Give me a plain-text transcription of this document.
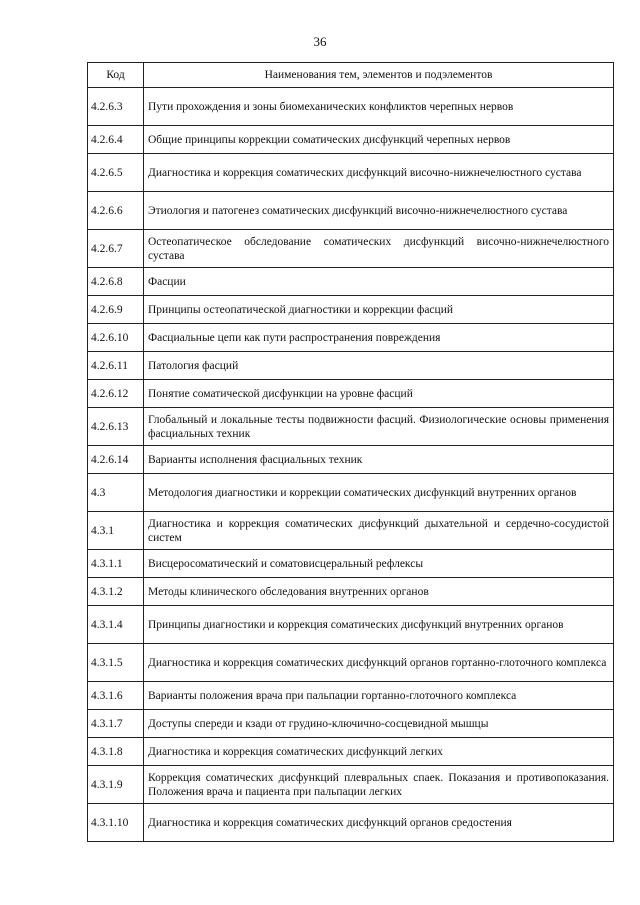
36
Код	Наименования тем, элементов и подэлементов
4.2.6.3	Пути прохождения и зоны биомеханических конфликтов черепных нервов
4.2.6.4	Общие принципы коррекции соматических дисфункций черепных нервов
4.2.6.5	Диагностика и коррекция соматических дисфункций височно-нижнечелюстного сустава
4.2.6.6	Этиология и патогенез соматических дисфункций височно-нижнечелюстного сустава
4.2.6.7	Остеопатическое обследование соматических дисфункций височно-нижнечелюстного сустава
4.2.6.8	Фасции
4.2.6.9	Принципы остеопатической диагностики и коррекции фасций
4.2.6.10	Фасциальные цепи как пути распространения повреждения
4.2.6.11	Патология фасций
4.2.6.12	Понятие соматической дисфункции на уровне фасций
4.2.6.13	Глобальный и локальные тесты подвижности фасций. Физиологические основы применения фасциальных техник
4.2.6.14	Варианты исполнения фасциальных техник
4.3	Методология диагностики и коррекции соматических дисфункций внутренних органов
4.3.1	Диагностика и коррекция соматических дисфункций дыхательной и сердечно-сосудистой систем
4.3.1.1	Висцеросоматический и соматовисцеральный рефлексы
4.3.1.2	Методы клинического обследования внутренних органов
4.3.1.4	Принципы диагностики и коррекция соматических дисфункций внутренних органов
4.3.1.5	Диагностика и коррекция соматических дисфункций органов гортанно-глоточного комплекса
4.3.1.6	Варианты положения врача при пальпации гортанно-глоточного комплекса
4.3.1.7	Доступы спереди и кзади от грудино-ключично-сосцевидной мышцы
4.3.1.8	Диагностика и коррекция соматических дисфункций легких
4.3.1.9	Коррекция соматических дисфункций плевральных спаек. Показания и противопоказания. Положения врача и пациента при пальпации легких
4.3.1.10	Диагностика и коррекция соматических дисфункций органов средостения
